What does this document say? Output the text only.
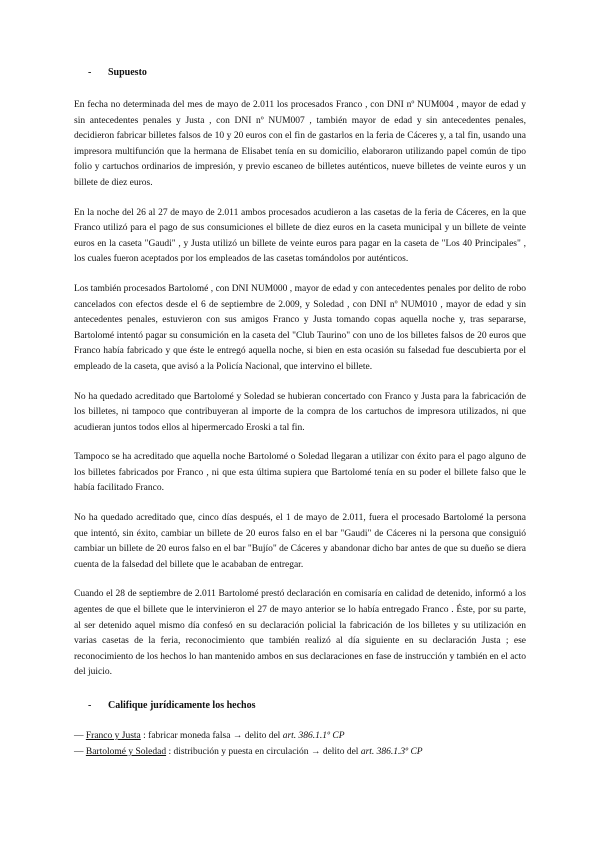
-	Supuesto

En fecha no determinada del mes de mayo de 2.011 los procesados Franco , con DNI nº NUM004 , mayor de edad y sin antecedentes penales y Justa , con DNI nº NUM007 , también mayor de edad y sin antecedentes penales, decidieron fabricar billetes falsos de 10 y 20 euros con el fin de gastarlos en la feria de Cáceres y, a tal fin, usando una impresora multifunción que la hermana de Elisabet tenía en su domicilio, elaboraron utilizando papel común de tipo folio y cartuchos ordinarios de impresión, y previo escaneo de billetes auténticos, nueve billetes de veinte euros y un billete de diez euros.

En la noche del 26 al 27 de mayo de 2.011 ambos procesados acudieron a las casetas de la feria de Cáceres, en la que Franco utilizó para el pago de sus consumiciones el billete de diez euros en la caseta municipal y un billete de veinte euros en la caseta "Gaudi" , y Justa utilizó un billete de veinte euros para pagar en la caseta de "Los 40 Principales" , los cuales fueron aceptados por los empleados de las casetas tomándolos por auténticos.

Los también procesados Bartolomé , con DNI NUM000 , mayor de edad y con antecedentes penales por delito de robo cancelados con efectos desde el 6 de septiembre de 2.009, y Soledad , con DNI nº NUM010 , mayor de edad y sin antecedentes penales, estuvieron con sus amigos Franco y Justa tomando copas aquella noche y, tras separarse, Bartolomé intentó pagar su consumición en la caseta del "Club Taurino" con uno de los billetes falsos de 20 euros que Franco había fabricado y que éste le entregó aquella noche, si bien en esta ocasión su falsedad fue descubierta por el empleado de la caseta, que avisó a la Policía Nacional, que intervino el billete.

No ha quedado acreditado que Bartolomé y Soledad se hubieran concertado con Franco y Justa para la fabricación de los billetes, ni tampoco que contribuyeran al importe de la compra de los cartuchos de impresora utilizados, ni que acudieran juntos todos ellos al hipermercado Eroski a tal fin.

Tampoco se ha acreditado que aquella noche Bartolomé o Soledad llegaran a utilizar con éxito para el pago alguno de los billetes fabricados por Franco , ni que esta última supiera que Bartolomé tenía en su poder el billete falso que le había facilitado Franco.

No ha quedado acreditado que, cinco días después, el 1 de mayo de 2.011, fuera el procesado Bartolomé la persona que intentó, sin éxito, cambiar un billete de 20 euros falso en el bar "Gaudi" de Cáceres ni la persona que consiguió cambiar un billete de 20 euros falso en el bar "Bujío" de Cáceres y abandonar dicho bar antes de que su dueño se diera cuenta de la falsedad del billete que le acababan de entregar.

Cuando el 28 de septiembre de 2.011 Bartolomé prestó declaración en comisaría en calidad de detenido, informó a los agentes de que el billete que le intervinieron el 27 de mayo anterior se lo había entregado Franco . Éste, por su parte, al ser detenido aquel mismo día confesó en su declaración policial la fabricación de los billetes y su utilización en varias casetas de la feria, reconocimiento que también realizó al día siguiente en su declaración Justa ; ese reconocimiento de los hechos lo han mantenido ambos en sus declaraciones en fase de instrucción y también en el acto del juicio.

-	Califique jurídicamente los hechos
— Franco y Justa : fabricar moneda falsa → delito del art. 386.1.1º CP
— Bartolomé y Soledad : distribución y puesta en circulación → delito del art. 386.1.3º CP
